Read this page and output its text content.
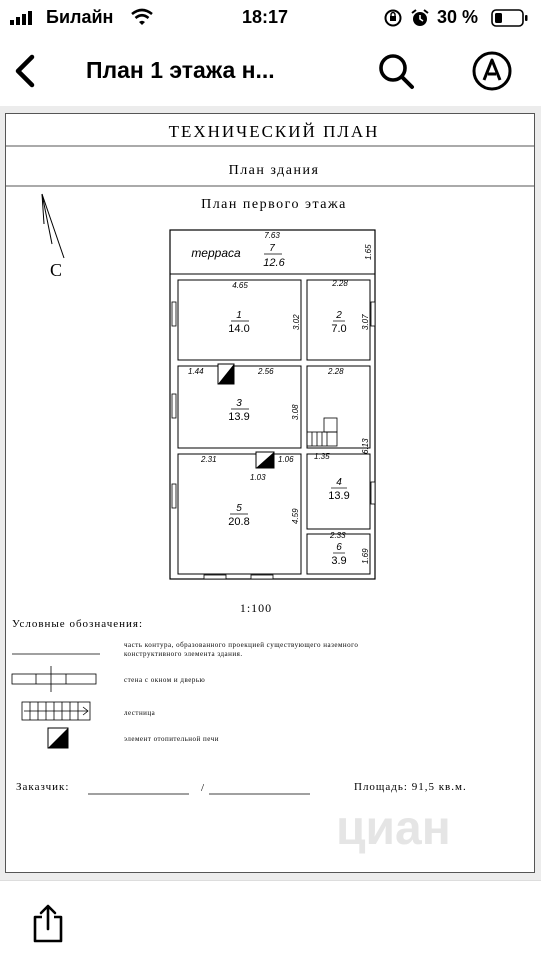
Билайн	18:17	30 %
План 1 этажа н...
ТЕХНИЧЕСКИЙ ПЛАН
План здания
План первого этажа
С
терраса	7
12.6
1
14.0
2
7.0
3
13.9
4
13.9
5
20.8
6
3.9
7.63
1.65
4.65	2.28
3.02	3.07
1.44	2.56	2.28
3.08
6.13
2.31	1.06
1.03
1.35
4.59
2.33
1.69
1:100
Условные обозначения:
часть контура, образованного проекцией существующего наземного конструктивного элемента здания.
стена с окном и дверью
лестница
элемент отопительной печи
Заказчик:	/	Площадь: 91,5 кв.м.
циан
